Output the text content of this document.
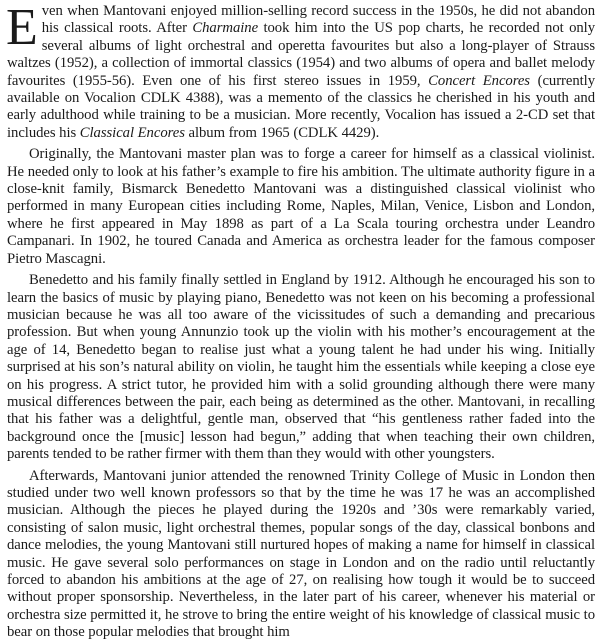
Even when Mantovani enjoyed million-selling record success in the 1950s, he did not abandon his classical roots. After Charmaine took him into the US pop charts, he recorded not only several albums of light orchestral and operetta favourites but also a long-player of Strauss waltzes (1952), a collection of immortal classics (1954) and two albums of opera and ballet melody favourites (1955-56). Even one of his first stereo issues in 1959, Concert Encores (currently available on Vocalion CDLK 4388), was a memento of the classics he cherished in his youth and early adulthood while training to be a musician. More recently, Vocalion has issued a 2-CD set that includes his Classical Encores album from 1965 (CDLK 4429).

Originally, the Mantovani master plan was to forge a career for himself as a classical violinist. He needed only to look at his father’s example to fire his ambition. The ultimate authority figure in a close-knit family, Bismarck Benedetto Mantovani was a distinguished classical violinist who performed in many European cities including Rome, Naples, Milan, Venice, Lisbon and London, where he first appeared in May 1898 as part of a La Scala touring orchestra under Leandro Campanari. In 1902, he toured Canada and America as orchestra leader for the famous composer Pietro Mascagni.

Benedetto and his family finally settled in England by 1912. Although he encouraged his son to learn the basics of music by playing piano, Benedetto was not keen on his becoming a professional musician because he was all too aware of the vicissitudes of such a demanding and precarious profession. But when young Annunzio took up the violin with his mother’s encouragement at the age of 14, Benedetto began to realise just what a young talent he had under his wing. Initially surprised at his son’s natural ability on violin, he taught him the essentials while keeping a close eye on his progress. A strict tutor, he provided him with a solid grounding although there were many musical differences between the pair, each being as determined as the other. Mantovani, in recalling that his father was a delightful, gentle man, observed that “his gentleness rather faded into the background once the [music] lesson had begun,” adding that when teaching their own children, parents tended to be rather firmer with them than they would with other youngsters.

Afterwards, Mantovani junior attended the renowned Trinity College of Music in London then studied under two well known professors so that by the time he was 17 he was an accomplished musician. Although the pieces he played during the 1920s and ’30s were remarkably varied, consisting of salon music, light orchestral themes, popular songs of the day, classical bonbons and dance melodies, the young Mantovani still nurtured hopes of making a name for himself in classical music. He gave several solo performances on stage in London and on the radio until reluctantly forced to abandon his ambitions at the age of 27, on realising how tough it would be to succeed without proper sponsorship. Nevertheless, in the later part of his career, whenever his material or orchestra size permitted it, he strove to bring the entire weight of his knowledge of classical music to bear on those popular melodies that brought him
